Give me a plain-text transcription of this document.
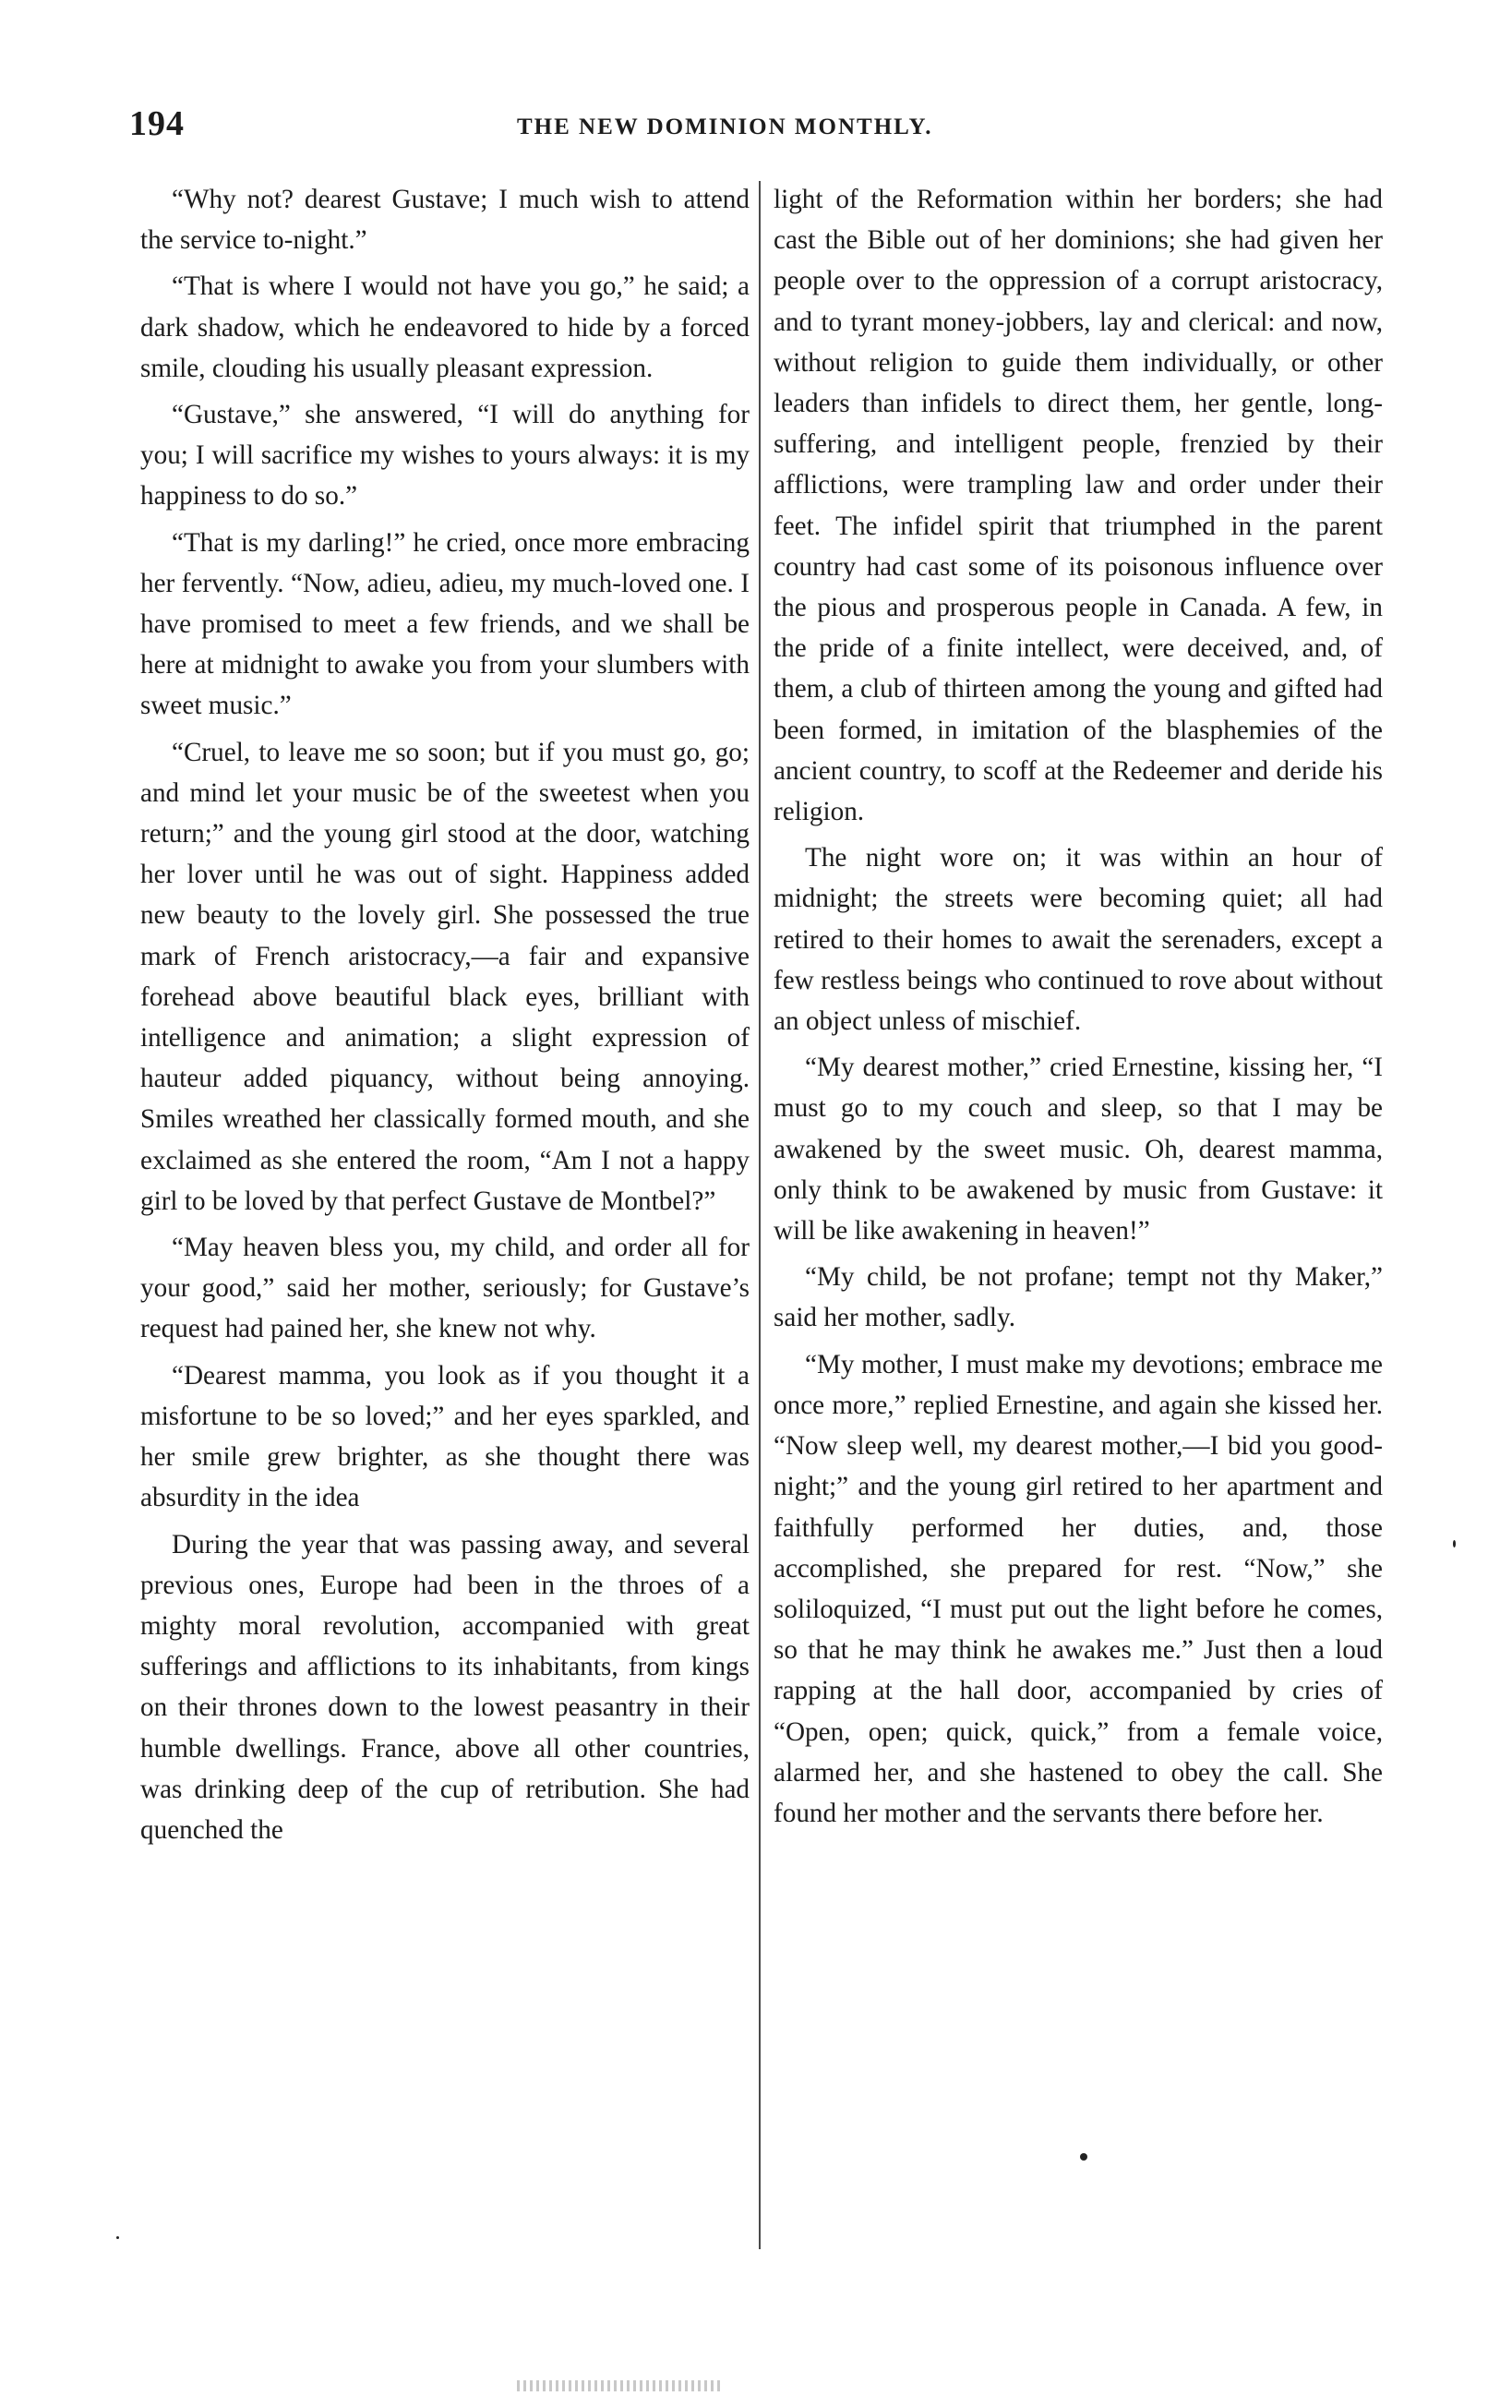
194	THE NEW DOMINION MONTHLY.

“Why not? dearest Gustave; I much wish to attend the service to-night.”

“That is where I would not have you go,” he said; a dark shadow, which he endeavored to hide by a forced smile, clouding his usually pleasant expression.

“Gustave,” she answered, “I will do anything for you; I will sacrifice my wishes to yours always: it is my happiness to do so.”

“That is my darling!” he cried, once more embracing her fervently. “Now, adieu, adieu, my much-loved one. I have promised to meet a few friends, and we shall be here at midnight to awake you from your slumbers with sweet music.”

“Cruel, to leave me so soon; but if you must go, go; and mind let your music be of the sweetest when you return;” and the young girl stood at the door, watching her lover until he was out of sight. Happiness added new beauty to the lovely girl. She possessed the true mark of French aristocracy,—a fair and expansive forehead above beautiful black eyes, brilliant with intelligence and animation; a slight expression of hauteur added piquancy, without being annoying. Smiles wreathed her classically formed mouth, and she exclaimed as she entered the room, “Am I not a happy girl to be loved by that perfect Gustave de Montbel?”

“May heaven bless you, my child, and order all for your good,” said her mother, seriously; for Gustave’s request had pained her, she knew not why.

“Dearest mamma, you look as if you thought it a misfortune to be so loved;” and her eyes sparkled, and her smile grew brighter, as she thought there was absurdity in the idea

During the year that was passing away, and several previous ones, Europe had been in the throes of a mighty moral revolution, accompanied with great sufferings and afflictions to its inhabitants, from kings on their thrones down to the lowest peasantry in their humble dwellings. France, above all other countries, was drinking deep of the cup of retribution. She had quenched the

light of the Reformation within her borders; she had cast the Bible out of her dominions; she had given her people over to the oppression of a corrupt aristocracy, and to tyrant money-jobbers, lay and clerical: and now, without religion to guide them individually, or other leaders than infidels to direct them, her gentle, long-suffering, and intelligent people, frenzied by their afflictions, were trampling law and order under their feet. The infidel spirit that triumphed in the parent country had cast some of its poisonous influence over the pious and prosperous people in Canada. A few, in the pride of a finite intellect, were deceived, and, of them, a club of thirteen among the young and gifted had been formed, in imitation of the blasphemies of the ancient country, to scoff at the Redeemer and deride his religion.

The night wore on; it was within an hour of midnight; the streets were becoming quiet; all had retired to their homes to await the serenaders, except a few restless beings who continued to rove about without an object unless of mischief.

“My dearest mother,” cried Ernestine, kissing her, “I must go to my couch and sleep, so that I may be awakened by the sweet music. Oh, dearest mamma, only think to be awakened by music from Gustave: it will be like awakening in heaven!”

“My child, be not profane; tempt not thy Maker,” said her mother, sadly.

“My mother, I must make my devotions; embrace me once more,” replied Ernestine, and again she kissed her. “Now sleep well, my dearest mother,—I bid you good-night;” and the young girl retired to her apartment and faithfully performed her duties, and, those accomplished, she prepared for rest. “Now,” she soliloquized, “I must put out the light before he comes, so that he may think he awakes me.” Just then a loud rapping at the hall door, accompanied by cries of “Open, open; quick, quick,” from a female voice, alarmed her, and she hastened to obey the call. She found her mother and the servants there before her.
